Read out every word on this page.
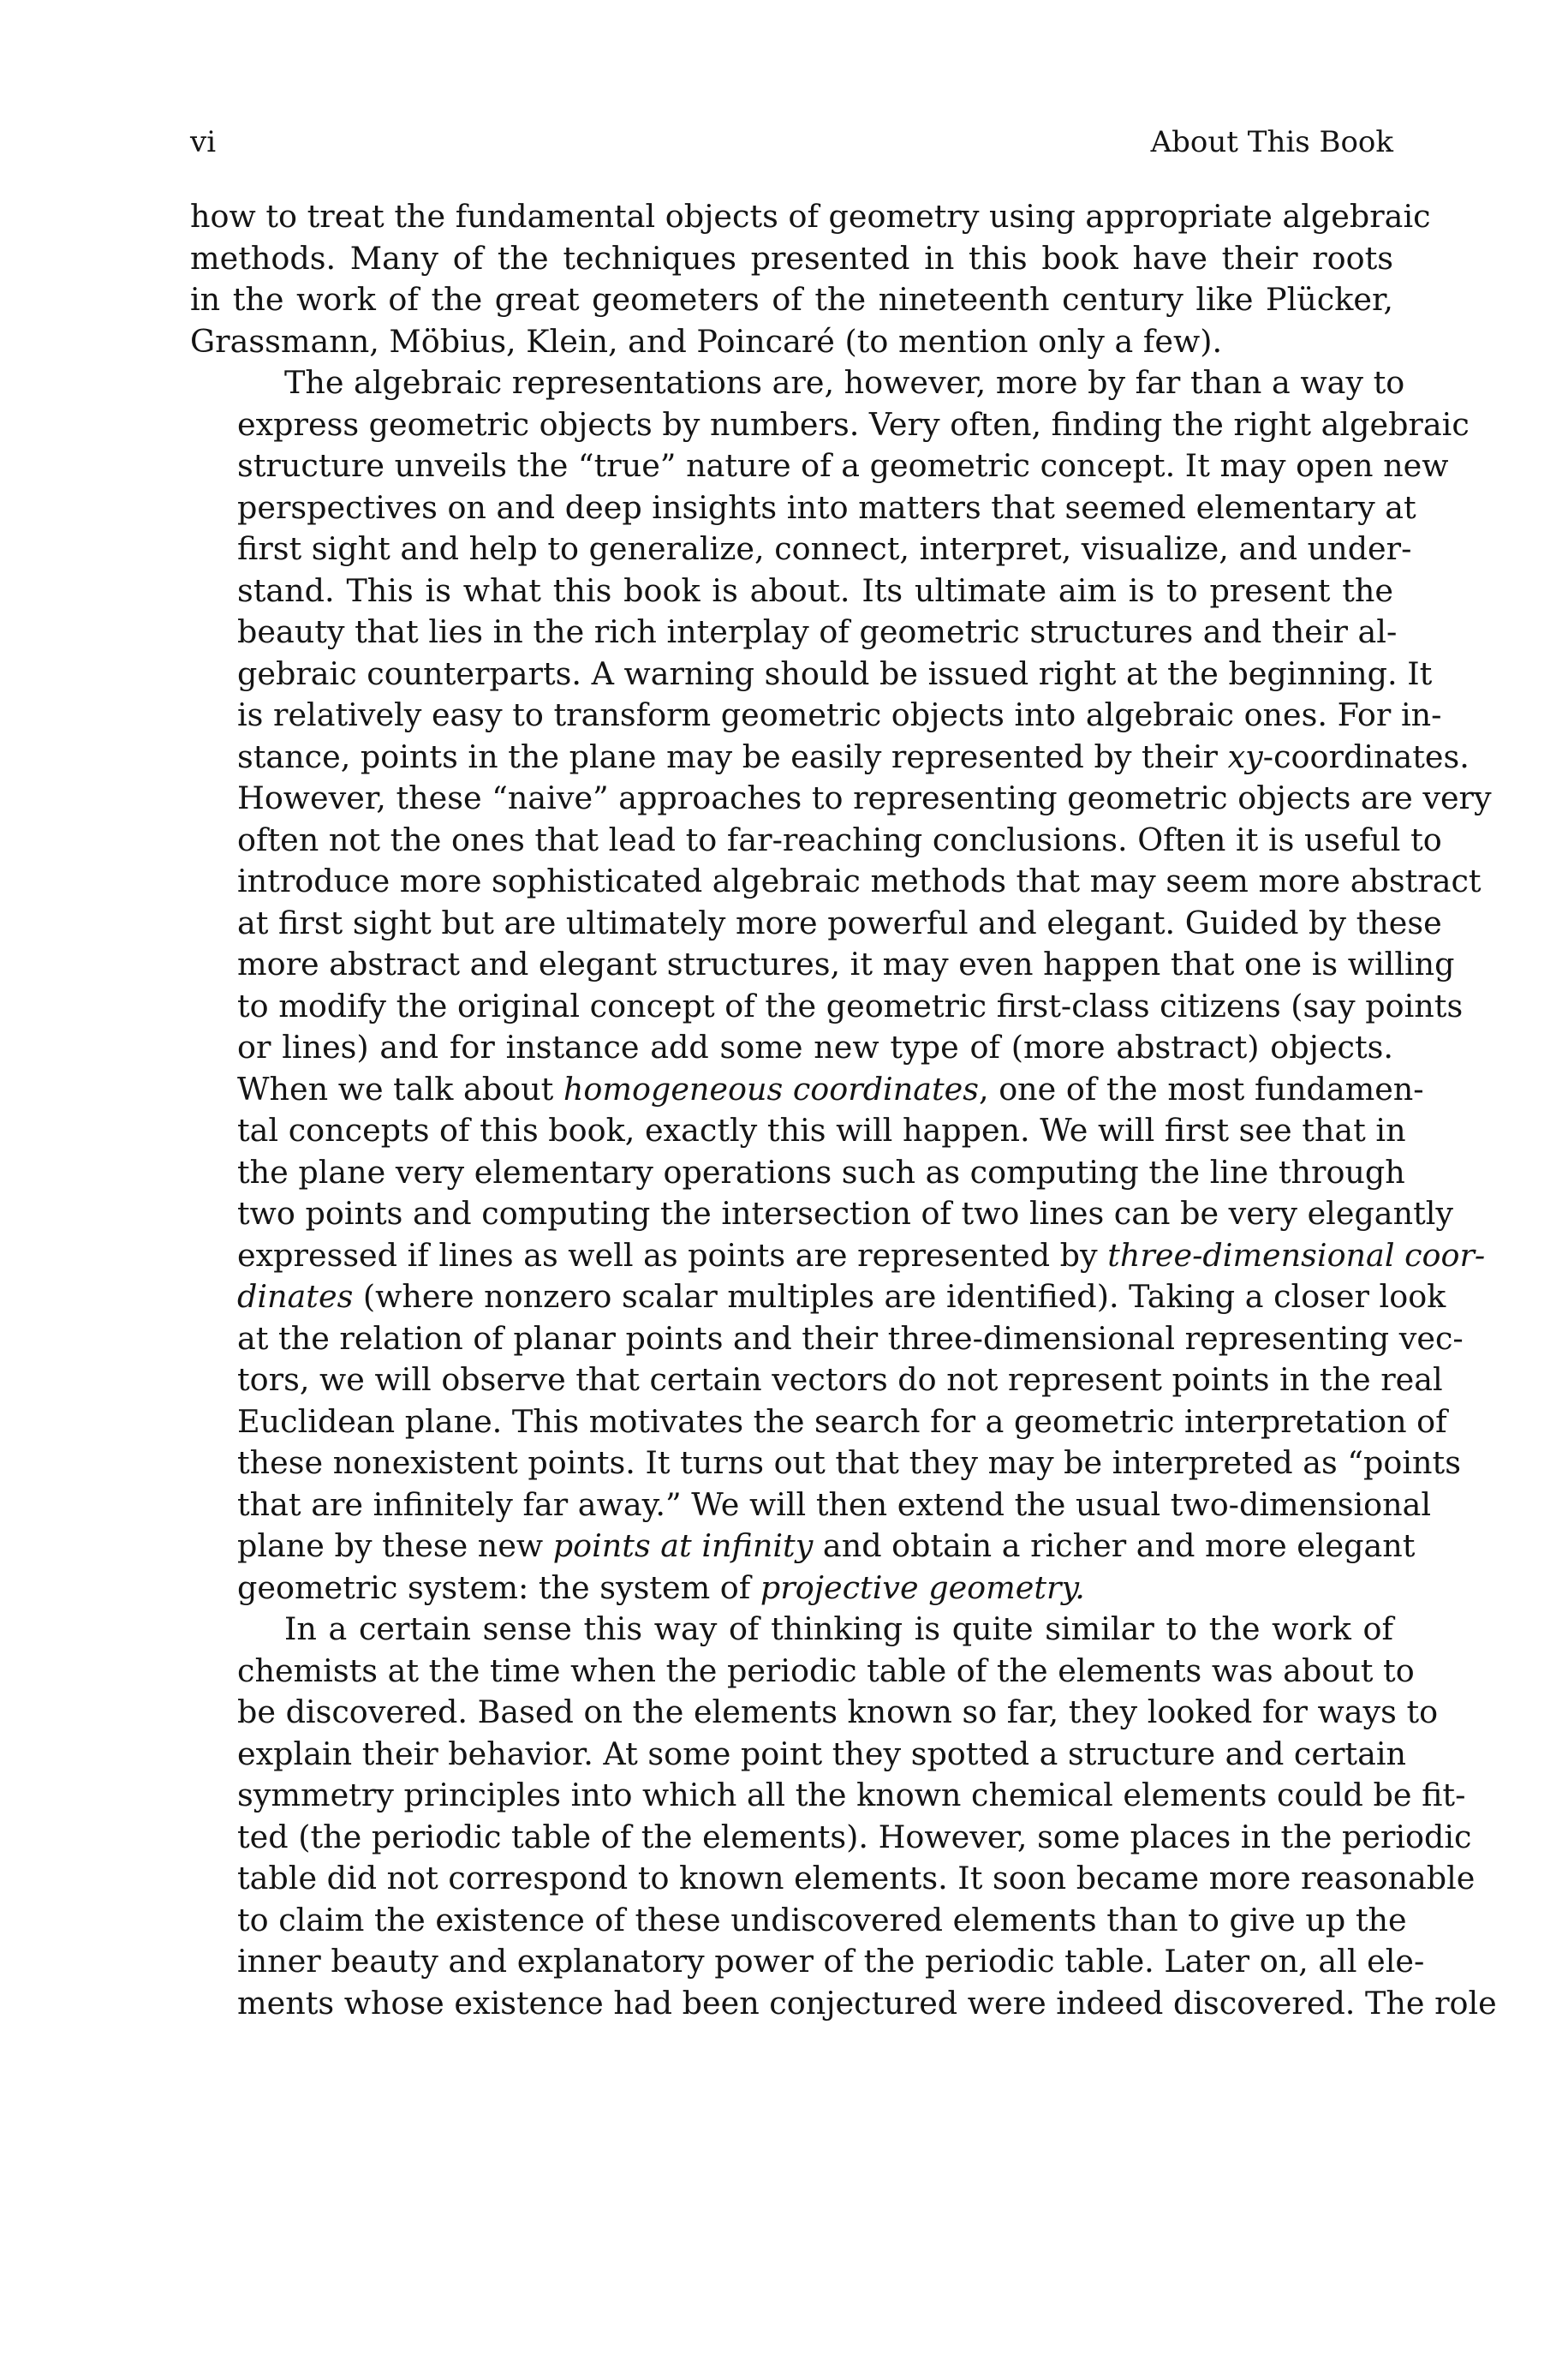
vi	About This Book

how to treat the fundamental objects of geometry using appropriate algebraic
methods. Many of the techniques presented in this book have their roots
in the work of the great geometers of the nineteenth century like Plücker,
Grassmann, Möbius, Klein, and Poincaré (to mention only a few).

The algebraic representations are, however, more by far than a way to
express geometric objects by numbers. Very often, finding the right algebraic
structure unveils the “true” nature of a geometric concept. It may open new
perspectives on and deep insights into matters that seemed elementary at
first sight and help to generalize, connect, interpret, visualize, and under-
stand. This is what this book is about. Its ultimate aim is to present the
beauty that lies in the rich interplay of geometric structures and their al-
gebraic counterparts. A warning should be issued right at the beginning. It
is relatively easy to transform geometric objects into algebraic ones. For in-
stance, points in the plane may be easily represented by their xy-coordinates.
However, these “naive” approaches to representing geometric objects are very
often not the ones that lead to far-reaching conclusions. Often it is useful to
introduce more sophisticated algebraic methods that may seem more abstract
at first sight but are ultimately more powerful and elegant. Guided by these
more abstract and elegant structures, it may even happen that one is willing
to modify the original concept of the geometric first-class citizens (say points
or lines) and for instance add some new type of (more abstract) objects.
When we talk about homogeneous coordinates, one of the most fundamen-
tal concepts of this book, exactly this will happen. We will first see that in
the plane very elementary operations such as computing the line through
two points and computing the intersection of two lines can be very elegantly
expressed if lines as well as points are represented by three-dimensional coor-
dinates (where nonzero scalar multiples are identified). Taking a closer look
at the relation of planar points and their three-dimensional representing vec-
tors, we will observe that certain vectors do not represent points in the real
Euclidean plane. This motivates the search for a geometric interpretation of
these nonexistent points. It turns out that they may be interpreted as “points
that are infinitely far away.” We will then extend the usual two-dimensional
plane by these new points at infinity and obtain a richer and more elegant
geometric system: the system of projective geometry.

In a certain sense this way of thinking is quite similar to the work of
chemists at the time when the periodic table of the elements was about to
be discovered. Based on the elements known so far, they looked for ways to
explain their behavior. At some point they spotted a structure and certain
symmetry principles into which all the known chemical elements could be fit-
ted (the periodic table of the elements). However, some places in the periodic
table did not correspond to known elements. It soon became more reasonable
to claim the existence of these undiscovered elements than to give up the
inner beauty and explanatory power of the periodic table. Later on, all ele-
ments whose existence had been conjectured were indeed discovered. The role
